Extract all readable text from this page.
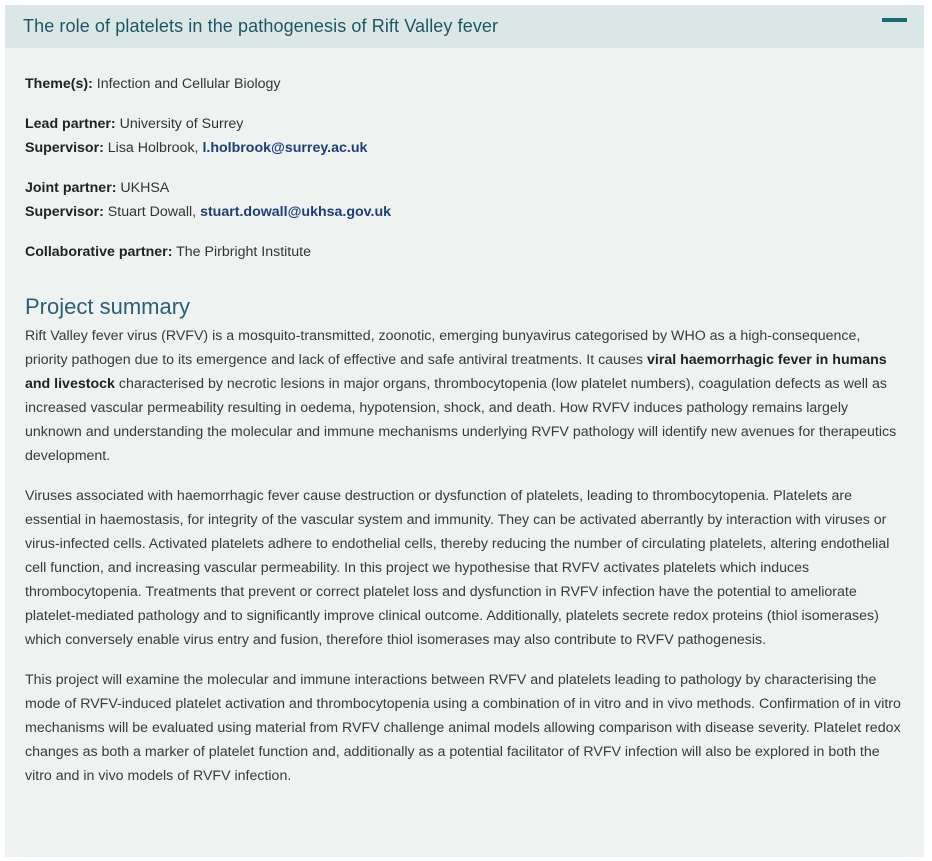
The role of platelets in the pathogenesis of Rift Valley fever

Theme(s): Infection and Cellular Biology

Lead partner: University of Surrey

Supervisor: Lisa Holbrook, l.holbrook@surrey.ac.uk

Joint partner: UKHSA

Supervisor: Stuart Dowall, stuart.dowall@ukhsa.gov.uk

Collaborative partner: The Pirbright Institute

Project summary

Rift Valley fever virus (RVFV) is a mosquito-transmitted, zoonotic, emerging bunyavirus categorised by WHO as a high-consequence, priority pathogen due to its emergence and lack of effective and safe antiviral treatments. It causes viral haemorrhagic fever in humans and livestock characterised by necrotic lesions in major organs, thrombocytopenia (low platelet numbers), coagulation defects as well as increased vascular permeability resulting in oedema, hypotension, shock, and death. How RVFV induces pathology remains largely unknown and understanding the molecular and immune mechanisms underlying RVFV pathology will identify new avenues for therapeutics development.

Viruses associated with haemorrhagic fever cause destruction or dysfunction of platelets, leading to thrombocytopenia. Platelets are essential in haemostasis, for integrity of the vascular system and immunity. They can be activated aberrantly by interaction with viruses or virus-infected cells. Activated platelets adhere to endothelial cells, thereby reducing the number of circulating platelets, altering endothelial cell function, and increasing vascular permeability. In this project we hypothesise that RVFV activates platelets which induces thrombocytopenia. Treatments that prevent or correct platelet loss and dysfunction in RVFV infection have the potential to ameliorate platelet-mediated pathology and to significantly improve clinical outcome. Additionally, platelets secrete redox proteins (thiol isomerases) which conversely enable virus entry and fusion, therefore thiol isomerases may also contribute to RVFV pathogenesis.

This project will examine the molecular and immune interactions between RVFV and platelets leading to pathology by characterising the mode of RVFV-induced platelet activation and thrombocytopenia using a combination of in vitro and in vivo methods. Confirmation of in vitro mechanisms will be evaluated using material from RVFV challenge animal models allowing comparison with disease severity. Platelet redox changes as both a marker of platelet function and, additionally as a potential facilitator of RVFV infection will also be explored in both the vitro and in vivo models of RVFV infection.
